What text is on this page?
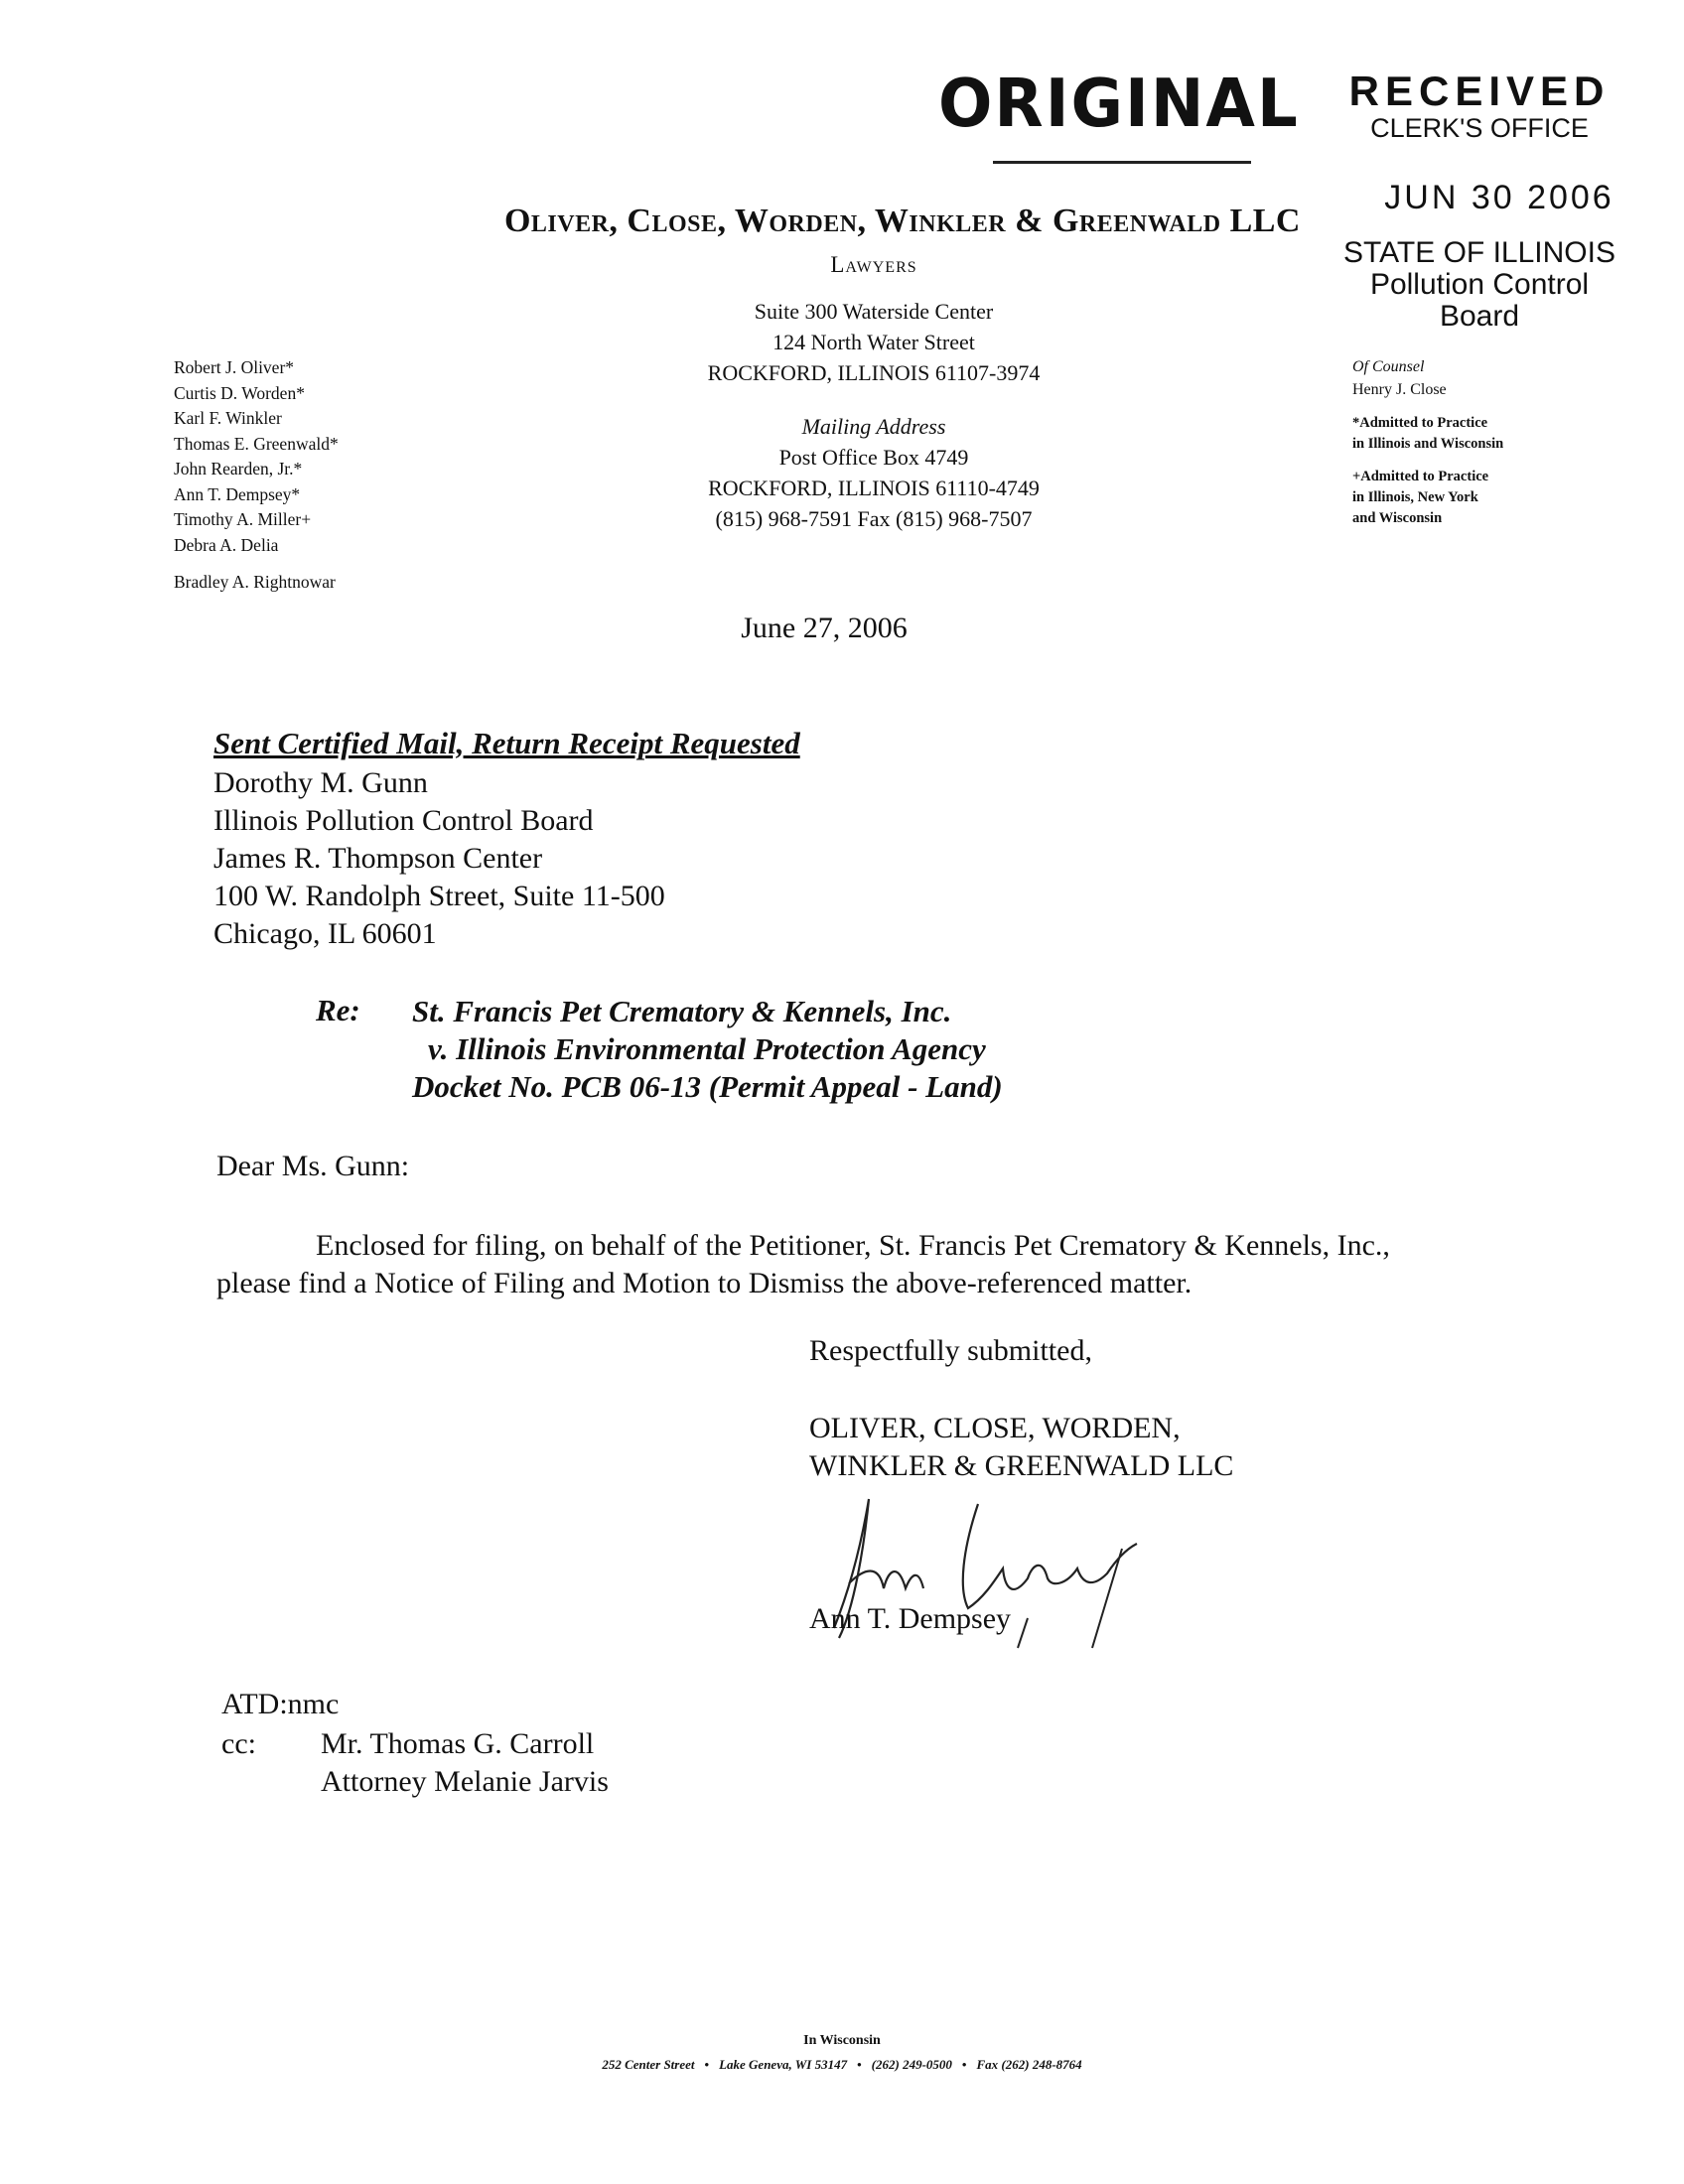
ORIGINAL	RECEIVED
CLERK'S OFFICE
JUN 30 2006
STATE OF ILLINOIS
Pollution Control Board
Oliver, Close, Worden, Winkler & Greenwald LLC
Lawyers
Suite 300 Waterside Center
124 North Water Street
ROCKFORD, ILLINOIS 61107-3974
Mailing Address
Post Office Box 4749
ROCKFORD, ILLINOIS 61110-4749
(815) 968-7591 Fax (815) 968-7507
Robert J. Oliver*
Curtis D. Worden*
Karl F. Winkler
Thomas E. Greenwald*
John Rearden, Jr.*
Ann T. Dempsey*
Timothy A. Miller+
Debra A. Delia
Bradley A. Rightnowar
Of Counsel
Henry J. Close
*Admitted to Practice
in Illinois and Wisconsin
+Admitted to Practice
in Illinois, New York
and Wisconsin
June 27, 2006
Sent Certified Mail, Return Receipt Requested
Dorothy M. Gunn
Illinois Pollution Control Board
James R. Thompson Center
100 W. Randolph Street, Suite 11-500
Chicago, IL 60601
Re: St. Francis Pet Crematory & Kennels, Inc.
v. Illinois Environmental Protection Agency
Docket No. PCB 06-13 (Permit Appeal - Land)
Dear Ms. Gunn:
Enclosed for filing, on behalf of the Petitioner, St. Francis Pet Crematory & Kennels, Inc.,
please find a Notice of Filing and Motion to Dismiss the above-referenced matter.
Respectfully submitted,
OLIVER, CLOSE, WORDEN,
WINKLER & GREENWALD LLC
Ann T. Dempsey
ATD:nmc
cc: Mr. Thomas G. Carroll
Attorney Melanie Jarvis
In Wisconsin
252 Center Street • Lake Geneva, WI 53147 • (262) 249-0500 • Fax (262) 248-8764
